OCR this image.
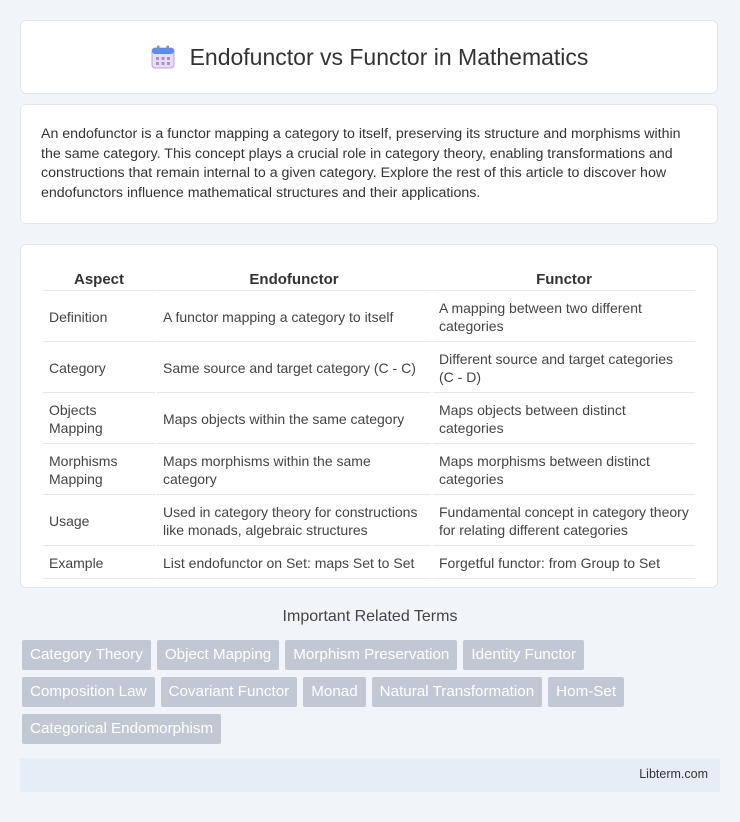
Endofunctor vs Functor in Mathematics

An endofunctor is a functor mapping a category to itself, preserving its structure and morphisms within the same category. This concept plays a crucial role in category theory, enabling transformations and constructions that remain internal to a given category. Explore the rest of this article to discover how endofunctors influence mathematical structures and their applications.

Aspect	Endofunctor	Functor
Definition	A functor mapping a category to itself	A mapping between two different categories
Category	Same source and target category (C - C)	Different source and target categories (C - D)
Objects Mapping	Maps objects within the same category	Maps objects between distinct categories
Morphisms Mapping	Maps morphisms within the same category	Maps morphisms between distinct categories
Usage	Used in category theory for constructions like monads, algebraic structures	Fundamental concept in category theory for relating different categories
Example	List endofunctor on Set: maps Set to Set	Forgetful functor: from Group to Set
Important Related Terms
Category Theory	Object Mapping	Morphism Preservation	Identity Functor
Composition Law	Covariant Functor	Monad	Natural Transformation	Hom-Set
Categorical Endomorphism
Libterm.com
